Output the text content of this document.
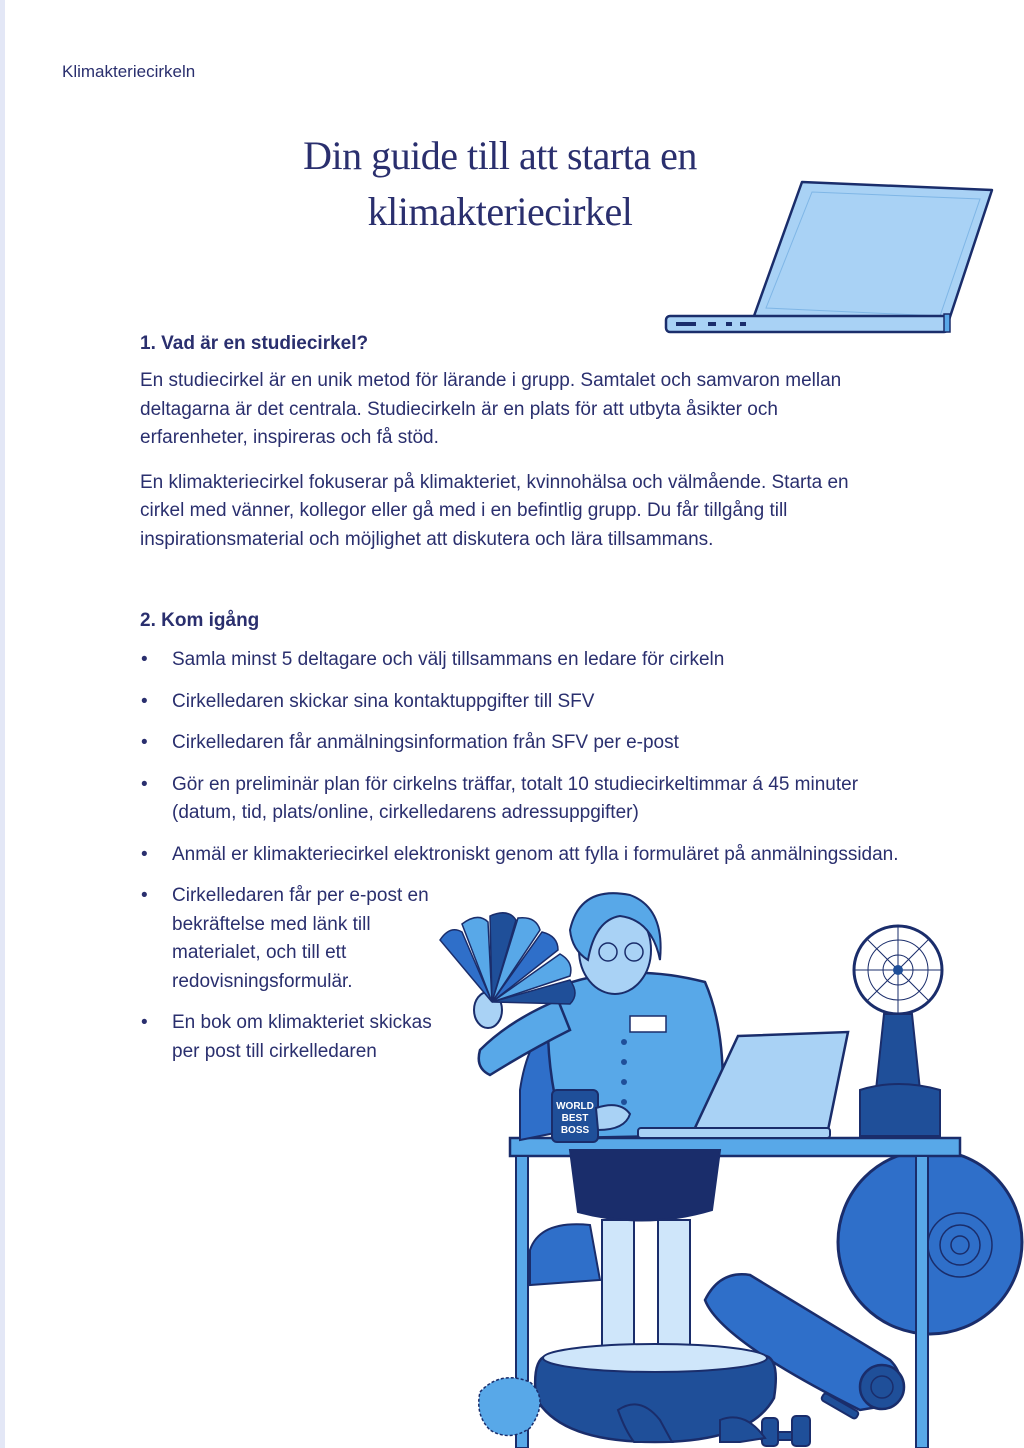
Klimakteriecirkeln
Din guide till att starta en
klimakteriecirkel
1. Vad är en studiecirkel?

En studiecirkel är en unik metod för lärande i grupp. Samtalet och samvaron mellan deltagarna är det centrala. Studiecirkeln är en plats för att utbyta åsikter och erfarenheter, inspireras och få stöd.

En klimakteriecirkel fokuserar på klimakteriet, kvinnohälsa och välmående. Starta en cirkel med vänner, kollegor eller gå med i en befintlig grupp. Du får tillgång till inspirationsmaterial och möjlighet att diskutera och lära tillsammans.

2. Kom igång
• Samla minst 5 deltagare och välj tillsammans en ledare för cirkeln
• Cirkelledaren skickar sina kontaktuppgifter till SFV
• Cirkelledaren får anmälningsinformation från SFV per e-post
• Gör en preliminär plan för cirkelns träffar, totalt 10 studiecirkeltimmar á 45 minuter (datum, tid, plats/online, cirkelledarens adressuppgifter)
• Anmäl er klimakteriecirkel elektroniskt genom att fylla i formuläret på anmälningssidan.
• Cirkelledaren får per e-post en bekräftelse med länk till materialet, och till ett redovisningsformulär.
• En bok om klimakteriet skickas per post till cirkelledaren
WORLD
BEST
BOSS
